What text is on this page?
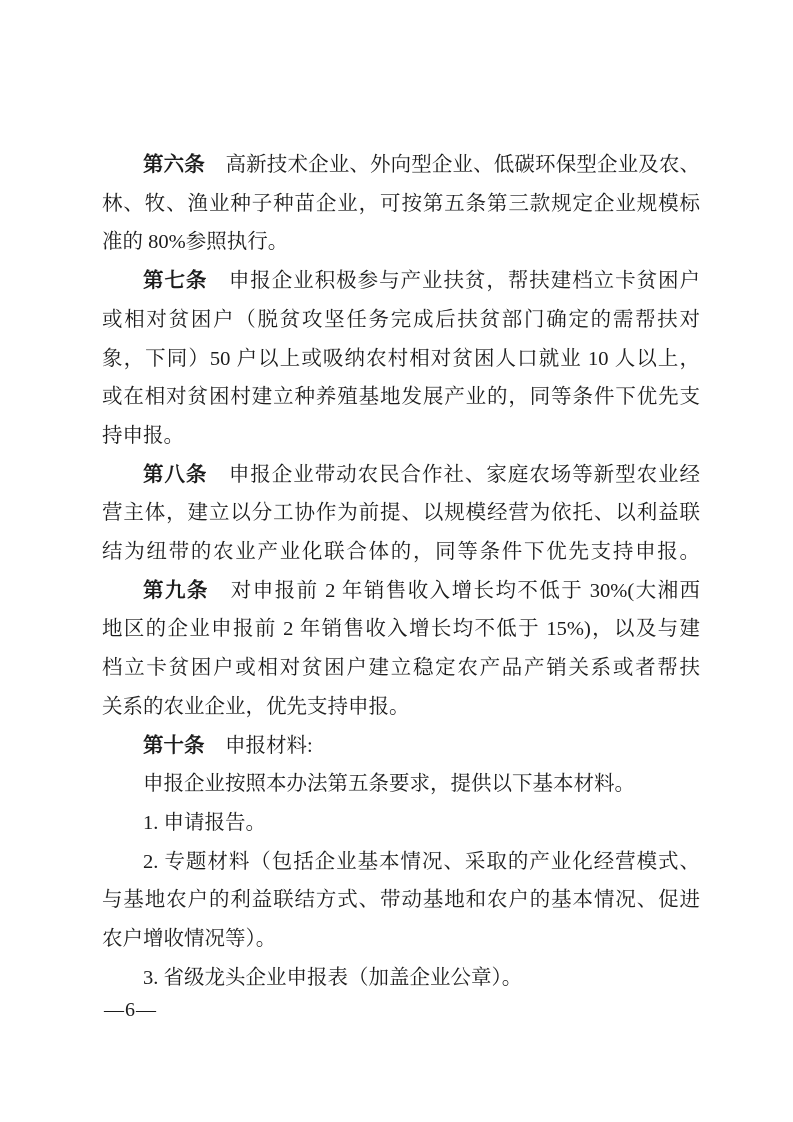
第六条 高新技术企业、外向型企业、低碳环保型企业及农、
林、牧、渔业种子种苗企业，可按第五条第三款规定企业规模标
准的 80%参照执行。
第七条 申报企业积极参与产业扶贫，帮扶建档立卡贫困户
或相对贫困户（脱贫攻坚任务完成后扶贫部门确定的需帮扶对
象，下同）50 户以上或吸纳农村相对贫困人口就业 10 人以上，
或在相对贫困村建立种养殖基地发展产业的，同等条件下优先支
持申报。
第八条 申报企业带动农民合作社、家庭农场等新型农业经
营主体，建立以分工协作为前提、以规模经营为依托、以利益联
结为纽带的农业产业化联合体的，同等条件下优先支持申报。
第九条 对申报前 2 年销售收入增长均不低于 30%(大湘西
地区的企业申报前 2 年销售收入增长均不低于 15%)，以及与建
档立卡贫困户或相对贫困户建立稳定农产品产销关系或者帮扶
关系的农业企业，优先支持申报。
第十条 申报材料:
申报企业按照本办法第五条要求，提供以下基本材料。
1. 申请报告。
2. 专题材料（包括企业基本情况、采取的产业化经营模式、
与基地农户的利益联结方式、带动基地和农户的基本情况、促进
农户增收情况等）。
3. 省级龙头企业申报表（加盖企业公章）。
—6—
